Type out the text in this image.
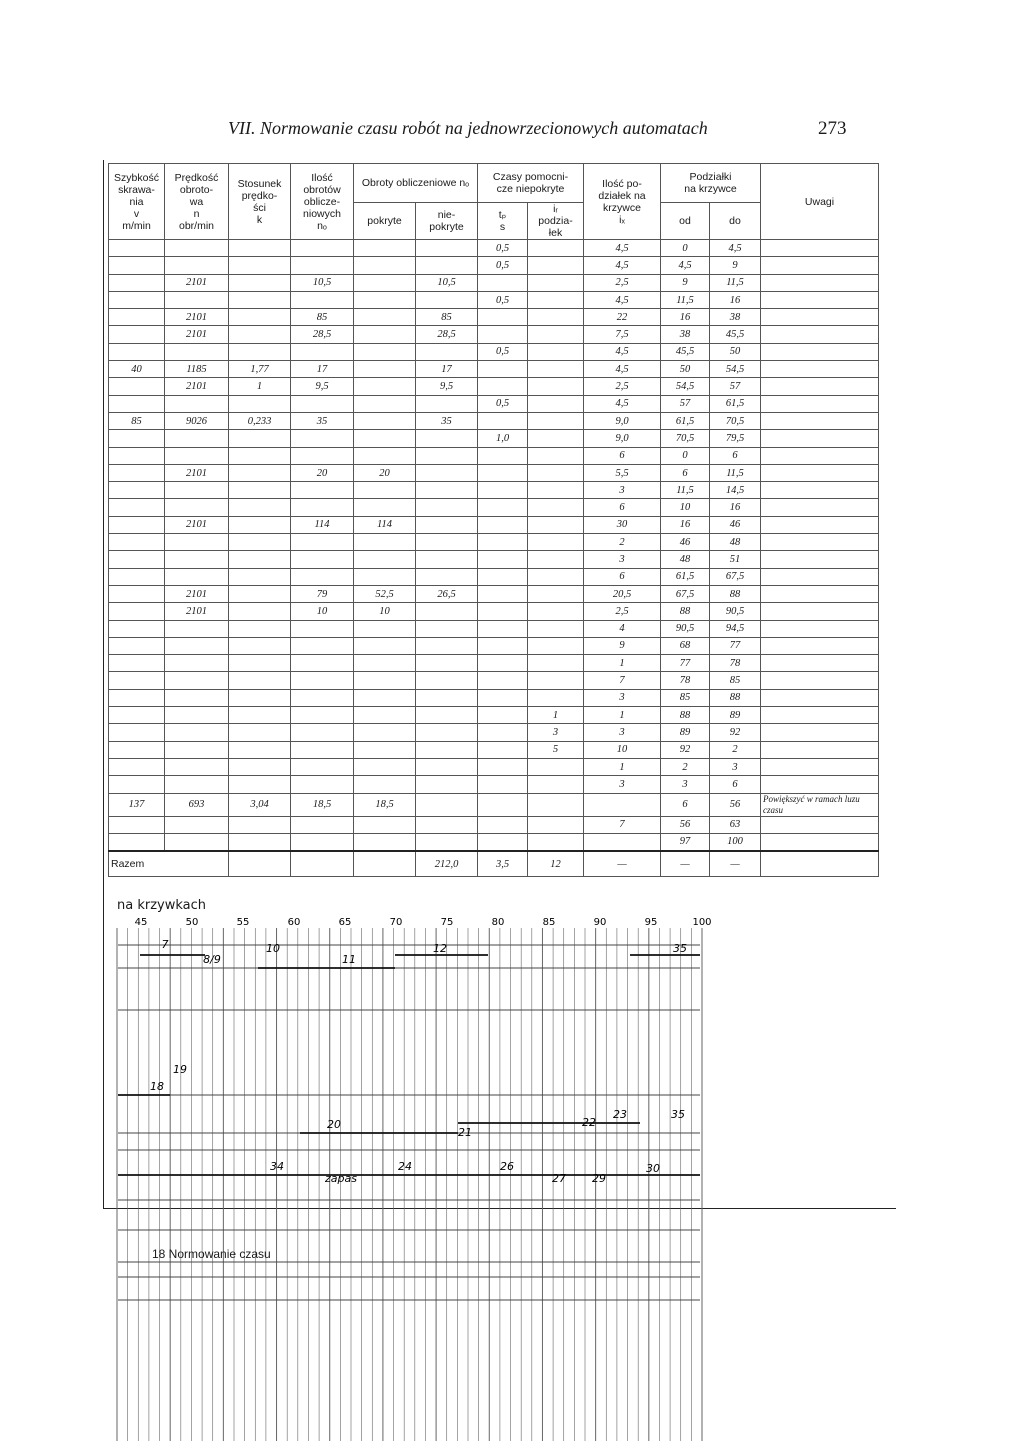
VII. Normowanie czasu robót na jednowrzecionowych automatach	273
Szybkość
skrawa-
nia
v
m/min	Prędkość
obroto-
wa
n
obr/min	Stosunek
prędko-
ści
k	Ilość
obrotów
oblicze-
niowych
nₒ	Obroty obliczeniowe nₒ		Czasy pomocni-
cze niepokryte		Ilość po-
działek na
krzywce
iₓ	Podziałki
na krzywce		Uwagi
				pokryte	nie-
pokryte	tₚ
s	iᵣ
podzia-
łek		od	do	
						0,5		4,5	0	4,5	
						0,5		4,5	4,5	9	
	2101		10,5		10,5			2,5	9	11,5	
						0,5		4,5	11,5	16	
	2101		85		85			22	16	38	
	2101		28,5		28,5			7,5	38	45,5	
						0,5		4,5	45,5	50	
40	1185	1,77	17		17			4,5	50	54,5	
	2101	1	9,5		9,5			2,5	54,5	57	
						0,5		4,5	57	61,5	
85	9026	0,233	35		35			9,0	61,5	70,5	
						1,0		9,0	70,5	79,5	
								6	0	6	
	2101		20	20				5,5	6	11,5	
								3	11,5	14,5	
								6	10	16	
	2101		114	114				30	16	46	
								2	46	48	
								3	48	51	
								6	61,5	67,5	
	2101		79	52,5	26,5			20,5	67,5	88	
	2101		10	10				2,5	88	90,5	
								4	90,5	94,5	
								9	68	77	
								1	77	78	
								7	78	85	
								3	85	88	
							1	1	88	89	
							3	3	89	92	
							5	10	92	2	
								1	2	3	
								3	3	6	
137	693	3,04	18,5	18,5					6	56	Powiększyć w ramach luzu czasu
								7	56	63	
									97	100	
Razem					212,0	3,5	12	—	—	—	
na krzywkach
45	50	55	60	65	70	75	80	85	90	95	100
7
8/9
10
11
12	35
19
18
20
21
22
23	35
34
zapas
24	26
27 29
30
18 Normowanie czasu
